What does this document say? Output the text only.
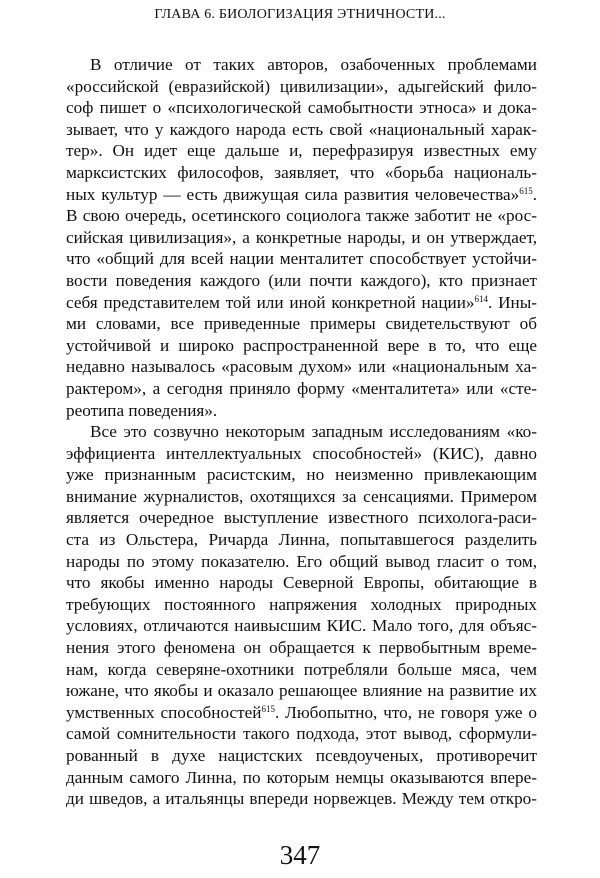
ГЛАВА 6. БИОЛОГИЗАЦИЯ ЭТНИЧНОСТИ...
В отличие от таких авторов, озабоченных проблемами
«российской (евразийской) цивилизации», адыгейский фило-
соф пишет о «психологической самобытности этноса» и дока-
зывает, что у каждого народа есть свой «национальный харак-
тер». Он идет еще дальше и, перефразируя известных ему
марксистских философов, заявляет, что «борьба националь-
ных культур — есть движущая сила развития человечества»$^{615}$.
В свою очередь, осетинского социолога также заботит не «рос-
сийская цивилизация», а конкретные народы, и он утверждает,
что «общий для всей нации менталитет способствует устойчи-
вости поведения каждого (или почти каждого), кто признает
себя представителем той или иной конкретной нации»$^{614}$. Ины-
ми словами, все приведенные примеры свидетельствуют об
устойчивой и широко распространенной вере в то, что еще
недавно называлось «расовым духом» или «национальным ха-
рактером», а сегодня приняло форму «менталитета» или «сте-
реотипа поведения».
Все это созвучно некоторым западным исследованиям «ко-
эффициента интеллектуальных способностей» (КИС), давно
уже признанным расистским, но неизменно привлекающим
внимание журналистов, охотящихся за сенсациями. Примером
является очередное выступление известного психолога-раси-
ста из Ольстера, Ричарда Линна, попытавшегося разделить
народы по этому показателю. Его общий вывод гласит о том,
что якобы именно народы Северной Европы, обитающие в
требующих постоянного напряжения холодных природных
условиях, отличаются наивысшим КИС. Мало того, для объяс-
нения этого феномена он обращается к первобытным време-
нам, когда северяне-охотники потребляли больше мяса, чем
южане, что якобы и оказало решающее влияние на развитие их
умственных способностей$^{615}$. Любопытно, что, не говоря уже о
самой сомнительности такого подхода, этот вывод, сформули-
рованный в духе нацистских псевдоученых, противоречит
данным самого Линна, по которым немцы оказываются впере-
ди шведов, а итальянцы впереди норвежцев. Между тем откро-
347
